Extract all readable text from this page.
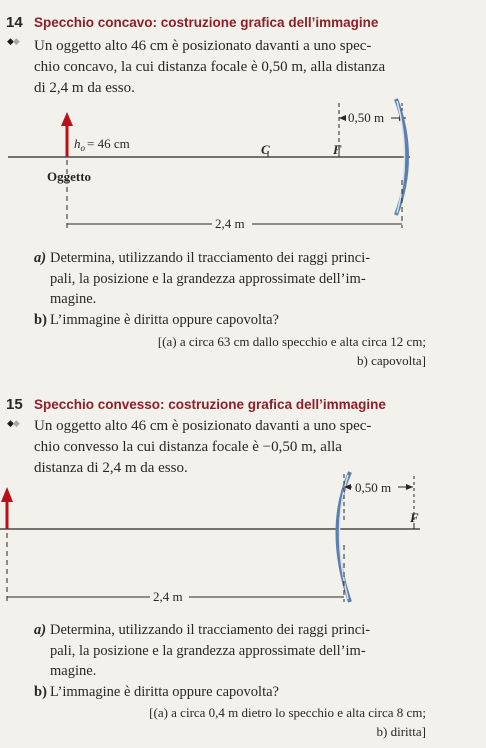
14 Specchio concavo: costruzione grafica dell’immagine
◆◆ Un oggetto alto 46 cm è posizionato davanti a uno spec-
chio concavo, la cui distanza focale è 0,50 m, alla distanza
di 2,4 m da esso.
$h_o = 46$ cm
Oggetto
C	F
0,50 m
2,4 m
a) Determina, utilizzando il tracciamento dei raggi princi-
pali, la posizione e la grandezza approssimate dell’im-
magine.
b) L’immagine è diritta oppure capovolta?
[(a) a circa 63 cm dallo specchio e alta circa 12 cm;
b) capovolta]
15 Specchio convesso: costruzione grafica dell’immagine
◆◆ Un oggetto alto 46 cm è posizionato davanti a uno spec-
chio convesso la cui distanza focale è −0,50 m, alla
distanza di 2,4 m da esso.
0,50 m
F
2,4 m
a) Determina, utilizzando il tracciamento dei raggi princi-
pali, la posizione e la grandezza approssimate dell’im-
magine.
b) L’immagine è diritta oppure capovolta?
[(a) a circa 0,4 m dietro lo specchio e alta circa 8 cm;
b) diritta]
